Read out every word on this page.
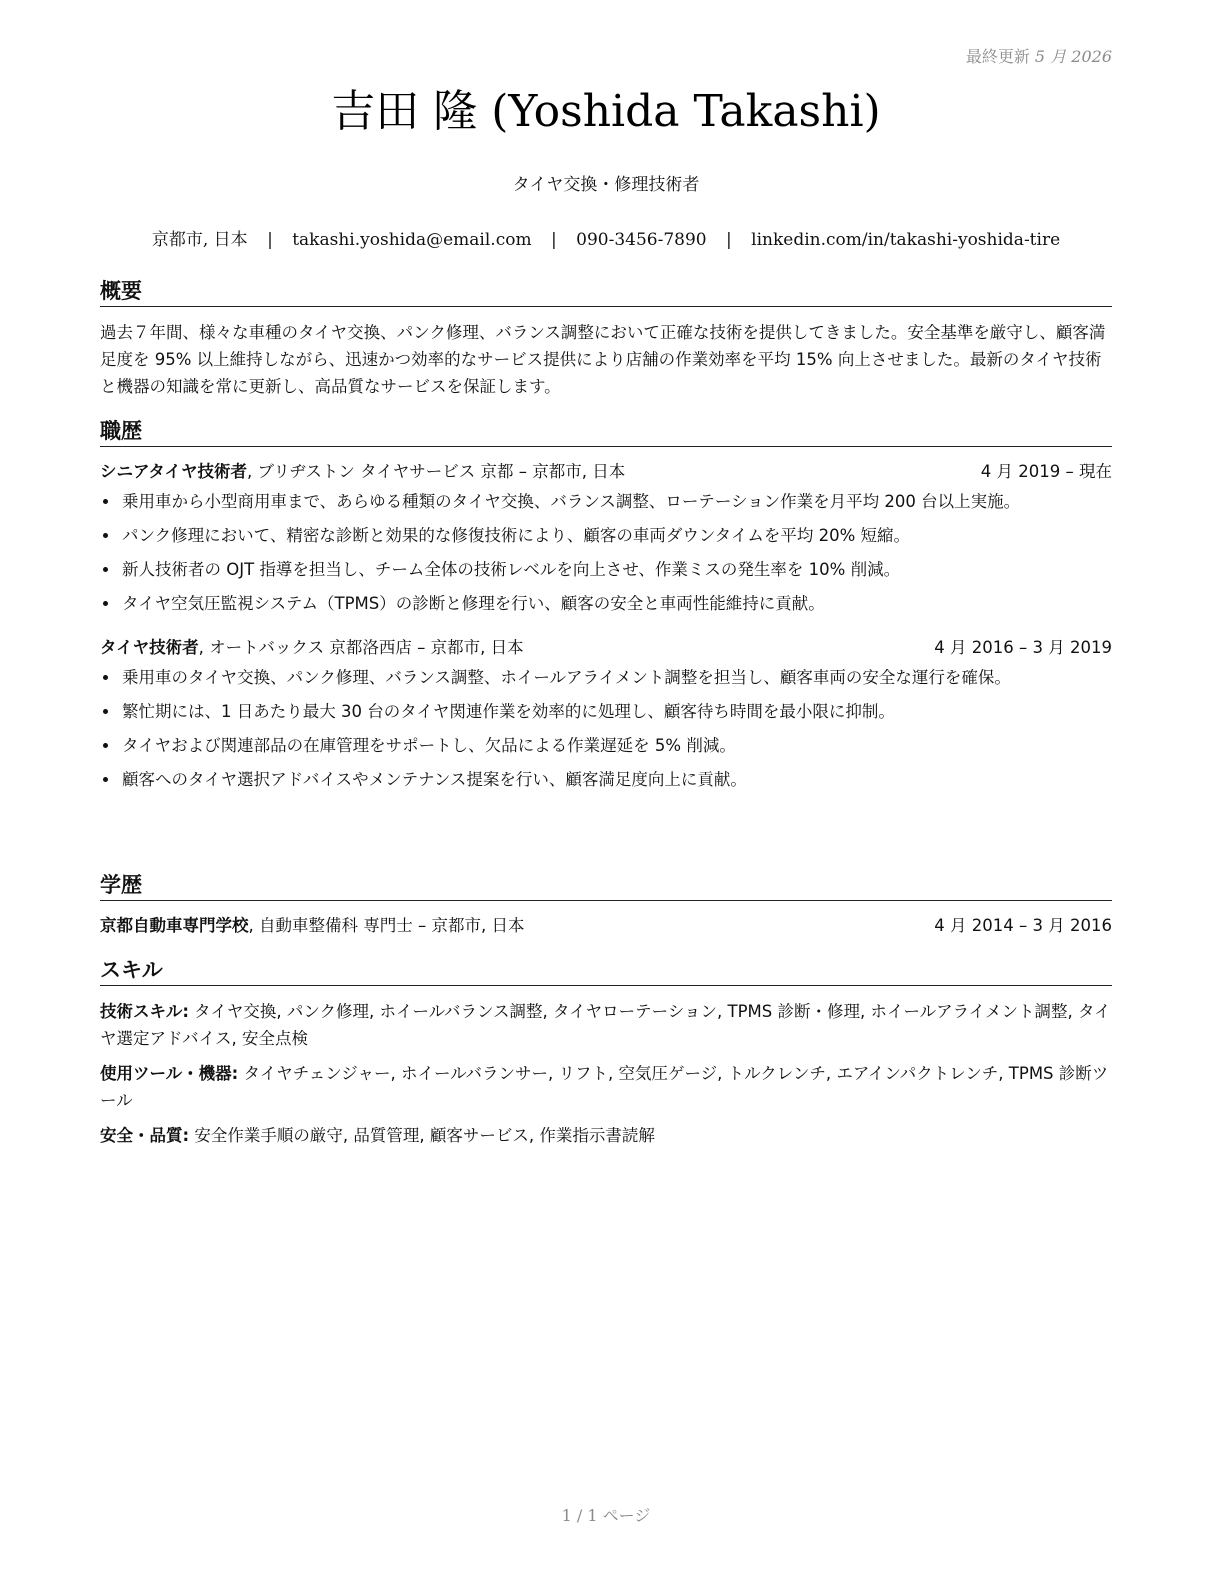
最終更新 5 月 2026
吉田 隆 (Yoshida Takashi)
タイヤ交換・修理技術者
京都市, 日本 | takashi.yoshida@email.com | 090-3456-7890 | linkedin.com/in/takashi-yoshida-tire
概要

過去７年間、様々な車種のタイヤ交換、パンク修理、バランス調整において正確な技術を提供してきました。安全基準を厳守し、顧客満足度を 95% 以上維持しながら、迅速かつ効率的なサービス提供により店舗の作業効率を平均 15% 向上させました。最新のタイヤ技術と機器の知識を常に更新し、高品質なサービスを保証します。

職歴
シニアタイヤ技術者, ブリヂストン タイヤサービス 京都 – 京都市, 日本	4 月 2019 – 現在
• 乗用車から小型商用車まで、あらゆる種類のタイヤ交換、バランス調整、ローテーション作業を月平均 200 台以上実施。
• パンク修理において、精密な診断と効果的な修復技術により、顧客の車両ダウンタイムを平均 20% 短縮。
• 新人技術者の OJT 指導を担当し、チーム全体の技術レベルを向上させ、作業ミスの発生率を 10% 削減。
• タイヤ空気圧監視システム（TPMS）の診断と修理を行い、顧客の安全と車両性能維持に貢献。
タイヤ技術者, オートバックス 京都洛西店 – 京都市, 日本	4 月 2016 – 3 月 2019
• 乗用車のタイヤ交換、パンク修理、バランス調整、ホイールアライメント調整を担当し、顧客車両の安全な運行を確保。
• 繁忙期には、1 日あたり最大 30 台のタイヤ関連作業を効率的に処理し、顧客待ち時間を最小限に抑制。
• タイヤおよび関連部品の在庫管理をサポートし、欠品による作業遅延を 5% 削減。
• 顧客へのタイヤ選択アドバイスやメンテナンス提案を行い、顧客満足度向上に貢献。
学歴
京都自動車専門学校, 自動車整備科 専門士 – 京都市, 日本	4 月 2014 – 3 月 2016
スキル
技術スキル: タイヤ交換, パンク修理, ホイールバランス調整, タイヤローテーション, TPMS 診断・修理, ホイールアライメント調整, タイヤ選定アドバイス, 安全点検
使用ツール・機器: タイヤチェンジャー, ホイールバランサー, リフト, 空気圧ゲージ, トルクレンチ, エアインパクトレンチ, TPMS 診断ツール
安全・品質: 安全作業手順の厳守, 品質管理, 顧客サービス, 作業指示書読解
1 / 1 ページ
